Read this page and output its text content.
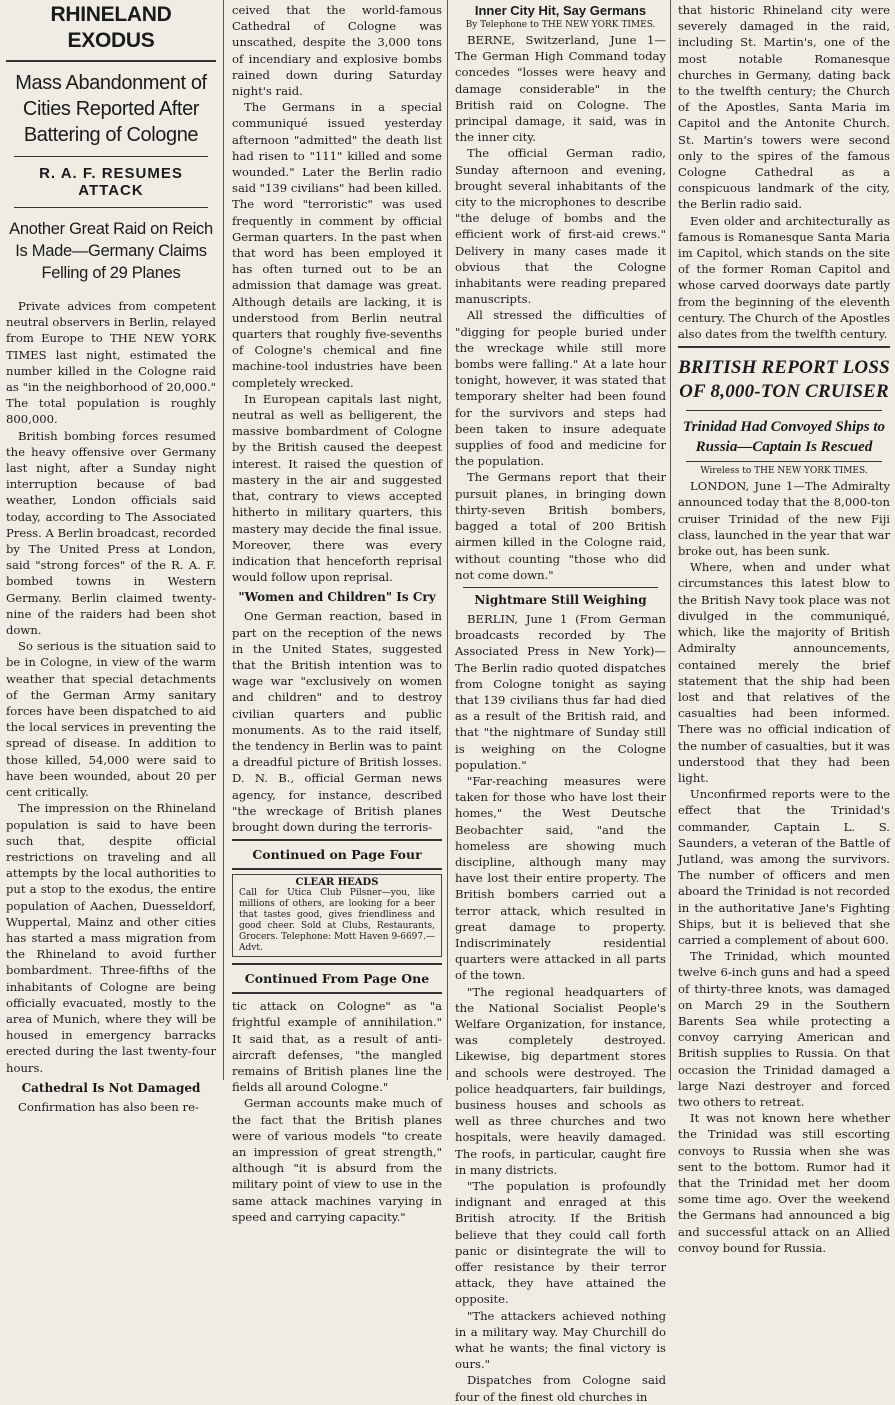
RHINELAND EXODUS
Mass Abandonment of Cities Reported After Battering of Cologne
R. A. F. RESUMES ATTACK
Another Great Raid on Reich Is Made—Germany Claims Felling of 29 Planes

Private advices from competent neutral observers in Berlin, relayed from Europe to THE NEW YORK TIMES last night, estimated the number killed in the Cologne raid as "in the neighborhood of 20,000." The total population is roughly 800,000.

British bombing forces resumed the heavy offensive over Germany last night, after a Sunday night interruption because of bad weather, London officials said today, according to The Associated Press. A Berlin broadcast, recorded by The United Press at London, said "strong forces" of the R. A. F. bombed towns in Western Germany. Berlin claimed twenty-nine of the raiders had been shot down.

So serious is the situation said to be in Cologne, in view of the warm weather that special detachments of the German Army sanitary forces have been dispatched to aid the local services in preventing the spread of disease. In addition to those killed, 54,000 were said to have been wounded, about 20 per cent critically.

The impression on the Rhineland population is said to have been such that, despite official restrictions on traveling and all attempts by the local authorities to put a stop to the exodus, the entire population of Aachen, Duesseldorf, Wuppertal, Mainz and other cities has started a mass migration from the Rhineland to avoid further bombardment. Three-fifths of the inhabitants of Cologne are being officially evacuated, mostly to the area of Munich, where they will be housed in emergency barracks erected during the last twenty-four hours.

Cathedral Is Not Damaged

Confirmation has also been re-

ceived that the world-famous Cathedral of Cologne was unscathed, despite the 3,000 tons of incendiary and explosive bombs rained down during Saturday night's raid.

The Germans in a special communiqué issued yesterday afternoon "admitted" the death list had risen to "111" killed and some wounded." Later the Berlin radio said "139 civilians" had been killed. The word "terroristic" was used frequently in comment by official German quarters. In the past when that word has been employed it has often turned out to be an admission that damage was great. Although details are lacking, it is understood from Berlin neutral quarters that roughly five-sevenths of Cologne's chemical and fine machine-tool industries have been completely wrecked.

In European capitals last night, neutral as well as belligerent, the massive bombardment of Cologne by the British caused the deepest interest. It raised the question of mastery in the air and suggested that, contrary to views accepted hitherto in military quarters, this mastery may decide the final issue. Moreover, there was every indication that henceforth reprisal would follow upon reprisal.

"Women and Children" Is Cry

One German reaction, based in part on the reception of the news in the United States, suggested that the British intention was to wage war "exclusively on women and children" and to destroy civilian quarters and public monuments. As to the raid itself, the tendency in Berlin was to paint a dreadful picture of British losses. D. N. B., official German news agency, for instance, described "the wreckage of British planes brought down during the terroris-

Continued on Page Four
CLEAR HEADS
Call for Utica Club Pilsner—you, like millions of others, are looking for a beer that tastes good, gives friendliness and good cheer. Sold at Clubs, Restaurants, Grocers. Telephone: Mott Haven 9-6697.—Advt.
Continued From Page One

tic attack on Cologne" as "a frightful example of annihilation." It said that, as a result of anti-aircraft defenses, "the mangled remains of British planes line the fields all around Cologne."

German accounts make much of the fact that the British planes were of various models "to create an impression of great strength," although "it is absurd from the military point of view to use in the same attack machines varying in speed and carrying capacity."

Inner City Hit, Say Germans
By Telephone to THE NEW YORK TIMES.

BERNE, Switzerland, June 1—The German High Command today concedes "losses were heavy and damage considerable" in the British raid on Cologne. The principal damage, it said, was in the inner city.

The official German radio, Sunday afternoon and evening, brought several inhabitants of the city to the microphones to describe "the deluge of bombs and the efficient work of first-aid crews." Delivery in many cases made it obvious that the Cologne inhabitants were reading prepared manuscripts.

All stressed the difficulties of "digging for people buried under the wreckage while still more bombs were falling." At a late hour tonight, however, it was stated that temporary shelter had been found for the survivors and steps had been taken to insure adequate supplies of food and medicine for the population.

The Germans report that their pursuit planes, in bringing down thirty-seven British bombers, bagged a total of 200 British airmen killed in the Cologne raid, without counting "those who did not come down."

Nightmare Still Weighing

BERLIN, June 1 (From German broadcasts recorded by The Associated Press in New York)—The Berlin radio quoted dispatches from Cologne tonight as saying that 139 civilians thus far had died as a result of the British raid, and that "the nightmare of Sunday still is weighing on the Cologne population."

"Far-reaching measures were taken for those who have lost their homes," the West Deutsche Beobachter said, "and the homeless are showing much discipline, although many may have lost their entire property. The British bombers carried out a terror attack, which resulted in great damage to property. Indiscriminately residential quarters were attacked in all parts of the town.

"The regional headquarters of the National Socialist People's Welfare Organization, for instance, was completely destroyed. Likewise, big department stores and schools were destroyed. The police headquarters, fair buildings, business houses and schools as well as three churches and two hospitals, were heavily damaged. The roofs, in particular, caught fire in many districts.

"The population is profoundly indignant and enraged at this British atrocity. If the British believe that they could call forth panic or disintegrate the will to offer resistance by their terror attack, they have attained the opposite.

"The attackers achieved nothing in a military way. May Churchill do what he wants; the final victory is ours."

Dispatches from Cologne said four of the finest old churches in

that historic Rhineland city were severely damaged in the raid, including St. Martin's, one of the most notable Romanesque churches in Germany, dating back to the twelfth century; the Church of the Apostles, Santa Maria im Capitol and the Antonite Church. St. Martin's towers were second only to the spires of the famous Cologne Cathedral as a conspicuous landmark of the city, the Berlin radio said.

Even older and architecturally as famous is Romanesque Santa Maria im Capitol, which stands on the site of the former Roman Capitol and whose carved doorways date partly from the beginning of the eleventh century. The Church of the Apostles also dates from the twelfth century.

BRITISH REPORT LOSS OF 8,000-TON CRUISER
Trinidad Had Convoyed Ships to Russia—Captain Is Rescued
Wireless to THE NEW YORK TIMES.

LONDON, June 1—The Admiralty announced today that the 8,000-ton cruiser Trinidad of the new Fiji class, launched in the year that war broke out, has been sunk.

Where, when and under what circumstances this latest blow to the British Navy took place was not divulged in the communiqué, which, like the majority of British Admiralty announcements, contained merely the brief statement that the ship had been lost and that relatives of the casualties had been informed. There was no official indication of the number of casualties, but it was understood that they had been light.

Unconfirmed reports were to the effect that the Trinidad's commander, Captain L. S. Saunders, a veteran of the Battle of Jutland, was among the survivors. The number of officers and men aboard the Trinidad is not recorded in the authoritative Jane's Fighting Ships, but it is believed that she carried a complement of about 600.

The Trinidad, which mounted twelve 6-inch guns and had a speed of thirty-three knots, was damaged on March 29 in the Southern Barents Sea while protecting a convoy carrying American and British supplies to Russia. On that occasion the Trinidad damaged a large Nazi destroyer and forced two others to retreat.

It was not known here whether the Trinidad was still escorting convoys to Russia when she was sent to the bottom. Rumor had it that the Trinidad met her doom some time ago. Over the weekend the Germans had announced a big and successful attack on an Allied convoy bound for Russia.
